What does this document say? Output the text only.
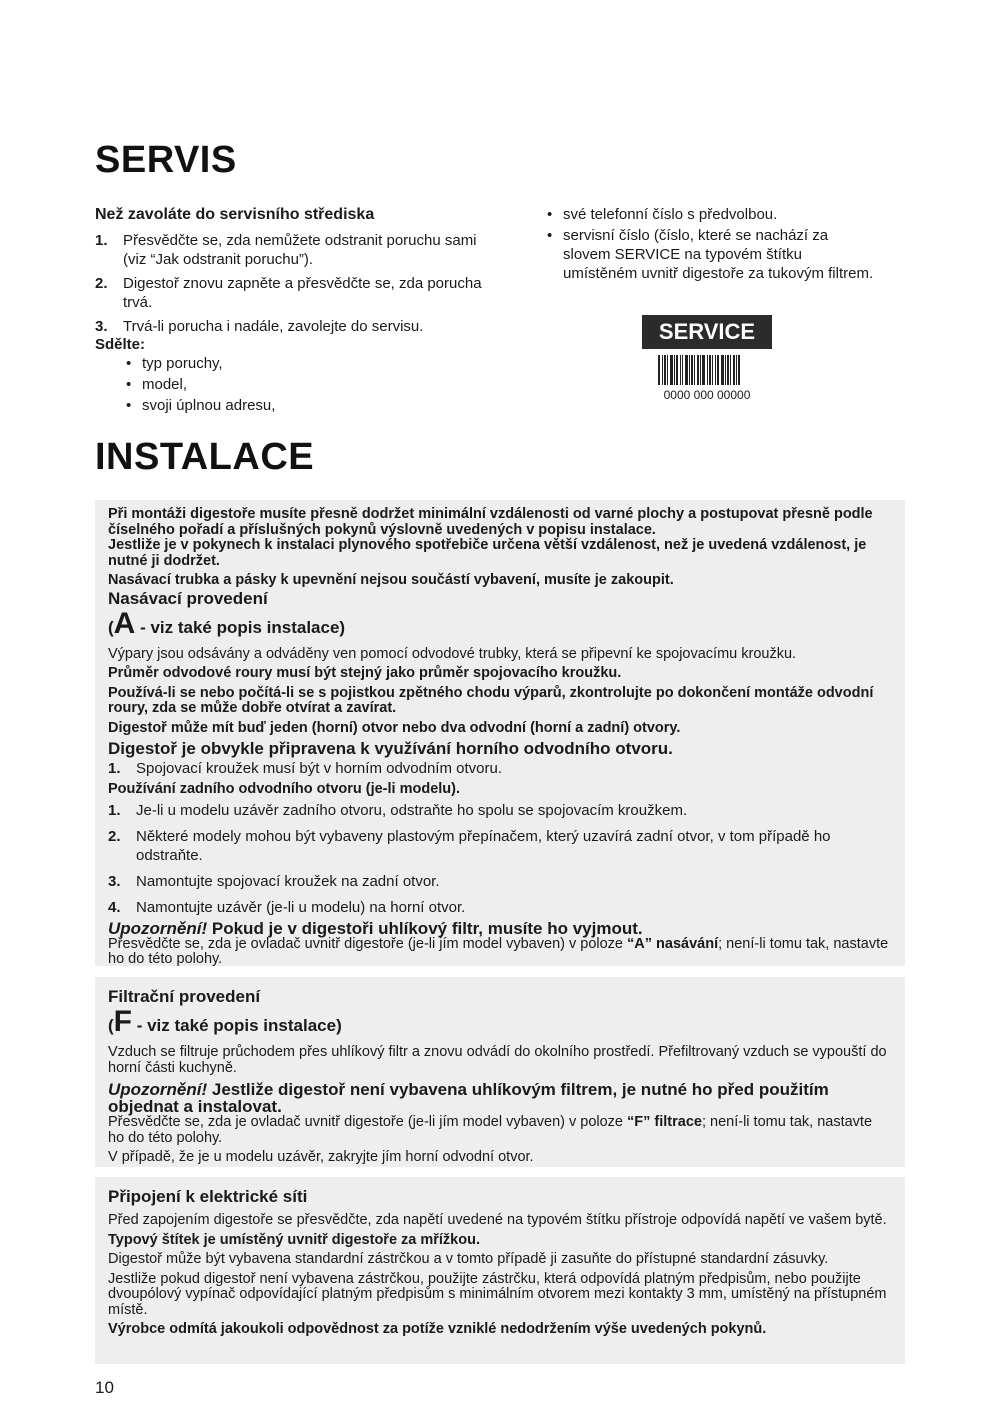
SERVIS
Než zavoláte do servisního střediska
1.	Přesvědčte se, zda nemůžete odstranit poruchu sami (viz “Jak odstranit poruchu”).
2.	Digestoř znovu zapněte a přesvědčte se, zda porucha trvá.
3.	Trvá-li porucha i nadále, zavolejte do servisu.
Sdělte:
• typ poruchy,
• model,
• svoji úplnou adresu,
• své telefonní číslo s předvolbou.
• servisní číslo (číslo, které se nachází za slovem SERVICE na typovém štítku umístěném uvnitř digestoře za tukovým filtrem.
SERVICE
0000 000 00000
INSTALACE

Při montáži digestoře musíte přesně dodržet minimální vzdálenosti od varné plochy a postupovat přesně podle číselného pořadí a příslušných pokynů výslovně uvedených v popisu instalace.

Jestliže je v pokynech k instalaci plynového spotřebiče určena větší vzdálenost, než je uvedená vzdálenost, je nutné ji dodržet.

Nasávací trubka a pásky k upevnění nejsou součástí vybavení, musíte je zakoupit.

Nasávací provedení

(A - viz také popis instalace)

Výpary jsou odsávány a odváděny ven pomocí odvodové trubky, která se připevní ke spojovacímu kroužku.

Průměr odvodové roury musí být stejný jako průměr spojovacího kroužku.

Používá-li se nebo počítá-li se s pojistkou zpětného chodu výparů, zkontrolujte po dokončení montáže odvodní roury, zda se může dobře otvírat a zavírat.

Digestoř může mít buď jeden (horní) otvor nebo dva odvodní (horní a zadní) otvory.

Digestoř je obvykle připravena k využívání horního odvodního otvoru.

1.	Spojovací kroužek musí být v horním odvodním otvoru.

Používání zadního odvodního otvoru (je-li modelu).

1.	Je-li u modelu uzávěr zadního otvoru, odstraňte ho spolu se spojovacím kroužkem.
2.	Některé modely mohou být vybaveny plastovým přepínačem, který uzavírá zadní otvor, v tom případě ho odstraňte.
3.	Namontujte spojovací kroužek na zadní otvor.
4.	Namontujte uzávěr (je-li u modelu) na horní otvor.

Upozornění! Pokud je v digestoři uhlíkový filtr, musíte ho vyjmout.

Přesvědčte se, zda je ovladač uvnitř digestoře (je-li jím model vybaven) v poloze “A” nasávání; není-li tomu tak, nastavte ho do této polohy.

Filtrační provedení

(F - viz také popis instalace)

Vzduch se filtruje průchodem přes uhlíkový filtr a znovu odvádí do okolního prostředí. Přefiltrovaný vzduch se vypouští do horní části kuchyně.

Upozornění! Jestliže digestoř není vybavena uhlíkovým filtrem, je nutné ho před použitím objednat a instalovat.

Přesvědčte se, zda je ovladač uvnitř digestoře (je-li jím model vybaven) v poloze “F” filtrace; není-li tomu tak, nastavte ho do této polohy.

V případě, že je u modelu uzávěr, zakryjte jím horní odvodní otvor.

Připojení k elektrické síti

Před zapojením digestoře se přesvědčte, zda napětí uvedené na typovém štítku přístroje odpovídá napětí ve vašem bytě.

Typový štítek je umístěný uvnitř digestoře za mřížkou.

Digestoř může být vybavena standardní zástrčkou a v tomto případě ji zasuňte do přístupné standardní zásuvky.

Jestliže pokud digestoř není vybavena zástrčkou, použijte zástrčku, která odpovídá platným předpisům, nebo použijte dvoupólový vypínač odpovídající platným předpisům s minimálním otvorem mezi kontakty 3 mm, umístěný na přístupném místě.

Výrobce odmítá jakoukoli odpovědnost za potíže vzniklé nedodržením výše uvedených pokynů.

10
